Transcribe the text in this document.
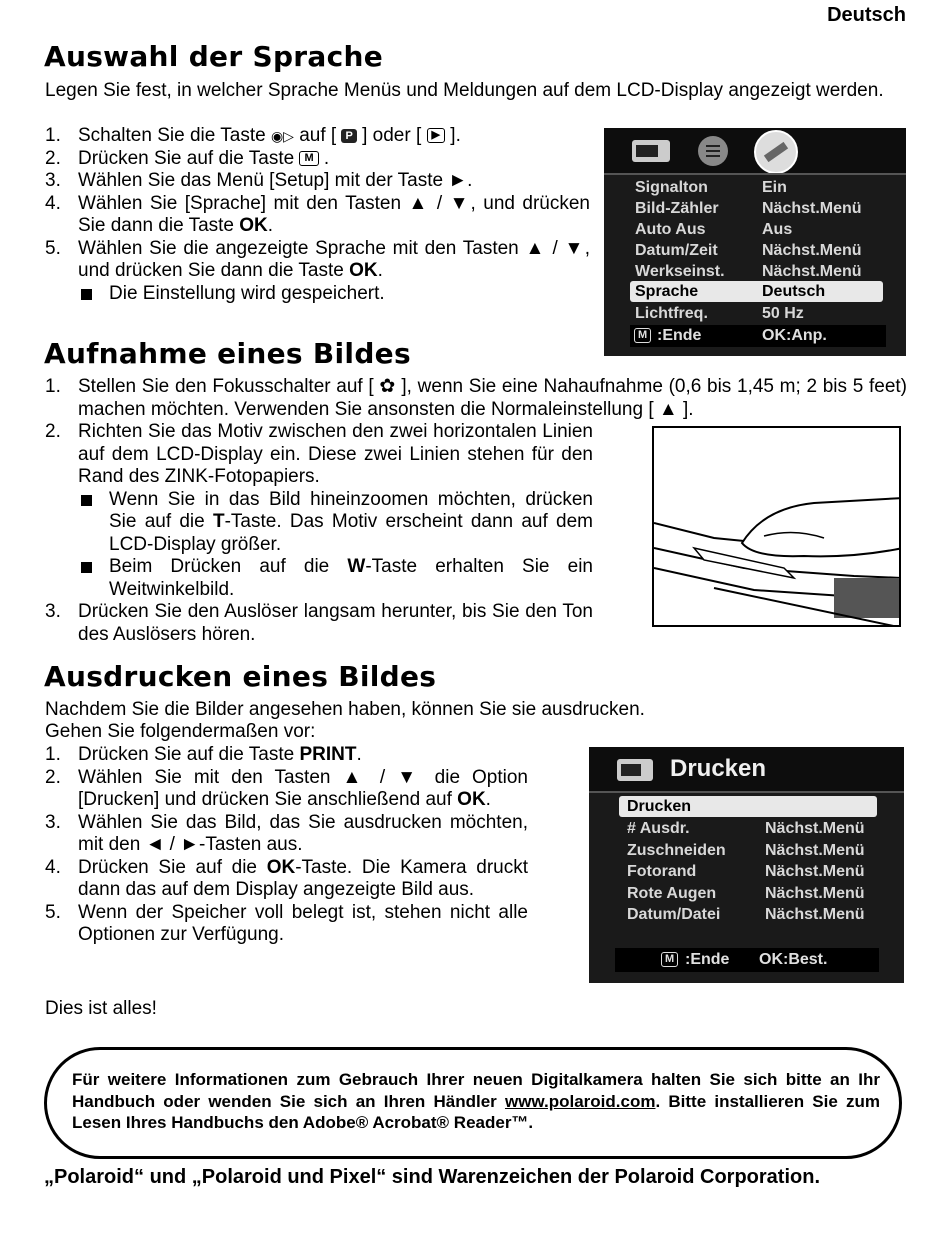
Deutsch
Auswahl der Sprache
Legen Sie fest, in welcher Sprache Menüs und Meldungen auf dem LCD-Display angezeigt werden.
1. Schalten Sie die Taste ◉▷ auf [ P ] oder [ ▶ ].
2. Drücken Sie auf die Taste M .
3. Wählen Sie das Menü [Setup] mit der Taste ►.
4. Wählen Sie [Sprache] mit den Tasten ▲ / ▼, und drücken Sie dann die Taste OK.
5. Wählen Sie die angezeigte Sprache mit den Tasten ▲ / ▼, und drücken Sie dann die Taste OK.
Die Einstellung wird gespeichert.
Signalton	Ein
Bild-Zähler	Nächst.Menü
Auto Aus	Aus
Datum/Zeit	Nächst.Menü
Werkseinst. Nächst.Menü
Sprache	Deutsch
Lichtfreq.	50 Hz
M :Ende	OK:Anp.
Aufnahme eines Bildes
1. Stellen Sie den Fokusschalter auf [ ✿ ], wenn Sie eine Nahaufnahme (0,6 bis 1,45 m; 2 bis 5 feet) machen möchten. Verwenden Sie ansonsten die Normaleinstellung [ ▲ ].
2. Richten Sie das Motiv zwischen den zwei horizontalen Linien auf dem LCD-Display ein. Diese zwei Linien stehen für den Rand des ZINK-Fotopapiers.
Wenn Sie in das Bild hineinzoomen möchten, drücken Sie auf die T-Taste. Das Motiv erscheint dann auf dem LCD-Display größer.
Beim Drücken auf die W-Taste erhalten Sie ein Weitwinkelbild.
3. Drücken Sie den Auslöser langsam herunter, bis Sie den Ton des Auslösers hören.
Ausdrucken eines Bildes
Nachdem Sie die Bilder angesehen haben, können Sie sie ausdrucken.
Gehen Sie folgendermaßen vor:
1. Drücken Sie auf die Taste PRINT.
2. Wählen Sie mit den Tasten ▲ / ▼ die Option [Drucken] und drücken Sie anschließend auf OK.
3. Wählen Sie das Bild, das Sie ausdrucken möchten, mit den ◄ / ►-Tasten aus.
4. Drücken Sie auf die OK-Taste. Die Kamera druckt dann das auf dem Display angezeigte Bild aus.
5. Wenn der Speicher voll belegt ist, stehen nicht alle Optionen zur Verfügung.
Dies ist alles!
Drucken
Drucken
# Ausdr.	Nächst.Menü
Zuschneiden Nächst.Menü
Fotorand	Nächst.Menü
Rote Augen	Nächst.Menü
Datum/Datei	Nächst.Menü
M :Ende OK:Best.
Für weitere Informationen zum Gebrauch Ihrer neuen Digitalkamera halten Sie sich bitte an Ihr Handbuch oder wenden Sie sich an Ihren Händler www.polaroid.com. Bitte installieren Sie zum Lesen Ihres Handbuchs den Adobe® Acrobat® Reader™.
„Polaroid“ und „Polaroid und Pixel“ sind Warenzeichen der Polaroid Corporation.
